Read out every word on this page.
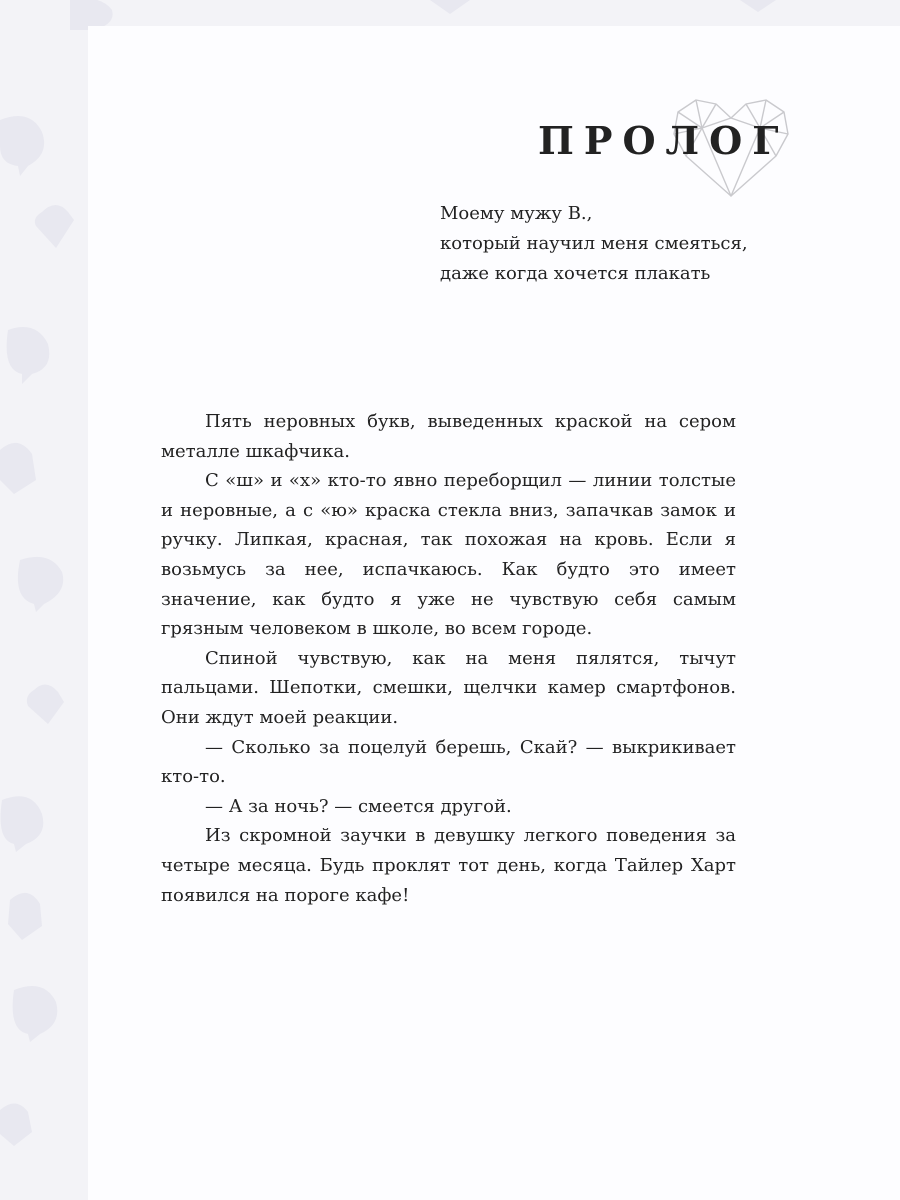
ПРОЛОГ
Моему мужу В.,
который научил меня смеяться,
даже когда хочется плакать

Пять неровных букв, выведенных краской на сером металле шкафчика.

С «ш» и «х» кто-то явно переборщил — линии толстые и неровные, а с «ю» краска стекла вниз, запачкав замок и ручку. Липкая, красная, так похожая на кровь. Если я возьмусь за нее, испачкаюсь. Как будто это имеет значение, как будто я уже не чувствую себя самым грязным человеком в школе, во всем городе.

Спиной чувствую, как на меня пялятся, тычут пальцами. Шепотки, смешки, щелчки камер смартфонов. Они ждут моей реакции.

— Сколько за поцелуй берешь, Скай? — выкрикивает кто-то.

— А за ночь? — смеется другой.

Из скромной заучки в девушку легкого поведения за четыре месяца. Будь проклят тот день, когда Тайлер Харт появился на пороге кафе!
